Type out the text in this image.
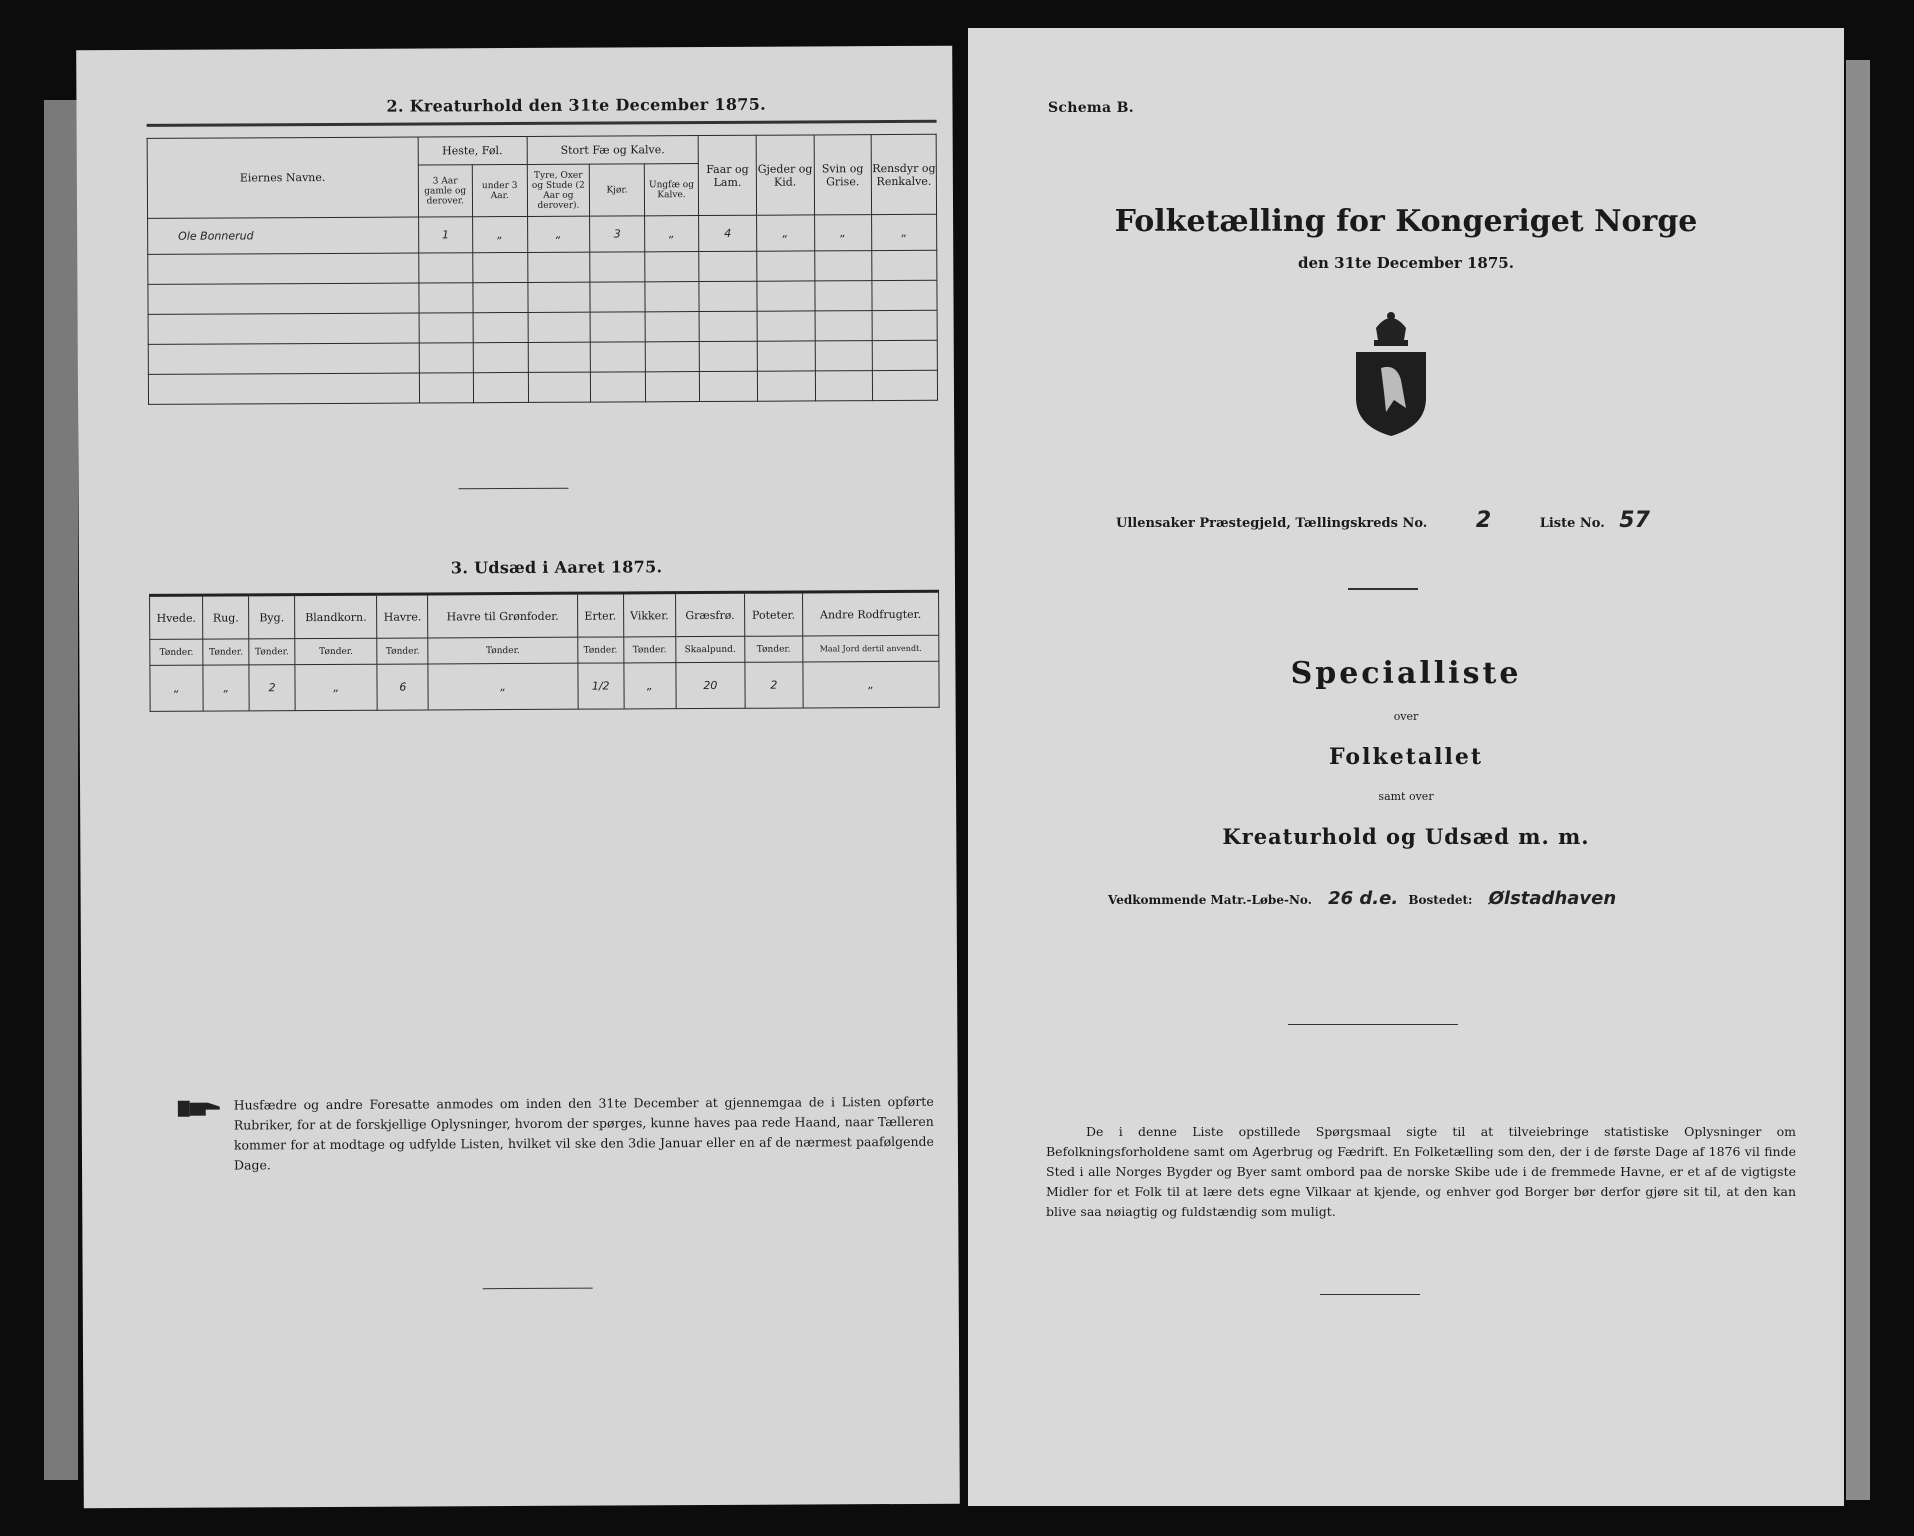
2. Kreaturhold den 31te December 1875.
Eiernes Navne.	Heste, Føl.		Stort Fæ og Kalve.			Faar og Lam.	Gjeder og Kid.	Svin og Grise.	Rensdyr og Renkalve.
	3 Aar gamle og derover.	under 3 Aar.	Tyre, Oxer og Stude (2 Aar og derover).	Kjør.	Ungfæ og Kalve.				
Ole Bonnerud	1	„	„	3	„	4	„	„	„

3. Udsæd i Aaret 1875.
Hvede.	Rug.	Byg.	Blandkorn.	Havre.	Havre til Grønfoder.	Erter.	Vikker.	Græsfrø.	Poteter.	Andre Rodfrugter.
Tønder.	Tønder.	Tønder.	Tønder.	Tønder.	Tønder.	Tønder.	Tønder.	Skaalpund.	Tønder.	Maal Jord dertil anvendt.
„	„	2	„	6	„	1/2	„	20	2	„
Husfædre og andre Foresatte anmodes om inden den 31te December at gjennemgaa de i Listen opførte Rubriker, for at de forskjellige Oplysninger, hvorom der spørges, kunne haves paa rede Haand, naar Tælleren kommer for at modtage og udfylde Listen, hvilket vil ske den 3die Januar eller en af de nærmest paafølgende Dage.
Schema B.
Folketælling for Kongeriget Norge
den 31te December 1875.
Ullensaker Præstegjeld, Tællingskreds No. 2	Liste No. 57
Specialliste
over
Folketallet
samt over
Kreaturhold og Udsæd m. m.
Vedkommende Matr.-Løbe-No. 26 d.e. Bostedet: Ølstadhaven
De i denne Liste opstillede Spørgsmaal sigte til at tilveiebringe statistiske Oplysninger om Befolkningsforholdene samt om Agerbrug og Fædrift. En Folketælling som den, der i de første Dage af 1876 vil finde Sted i alle Norges Bygder og Byer samt ombord paa de norske Skibe ude i de fremmede Havne, er et af de vigtigste Midler for et Folk til at lære dets egne Vilkaar at kjende, og enhver god Borger bør derfor gjøre sit til, at den kan blive saa nøiagtig og fuldstændig som muligt.
